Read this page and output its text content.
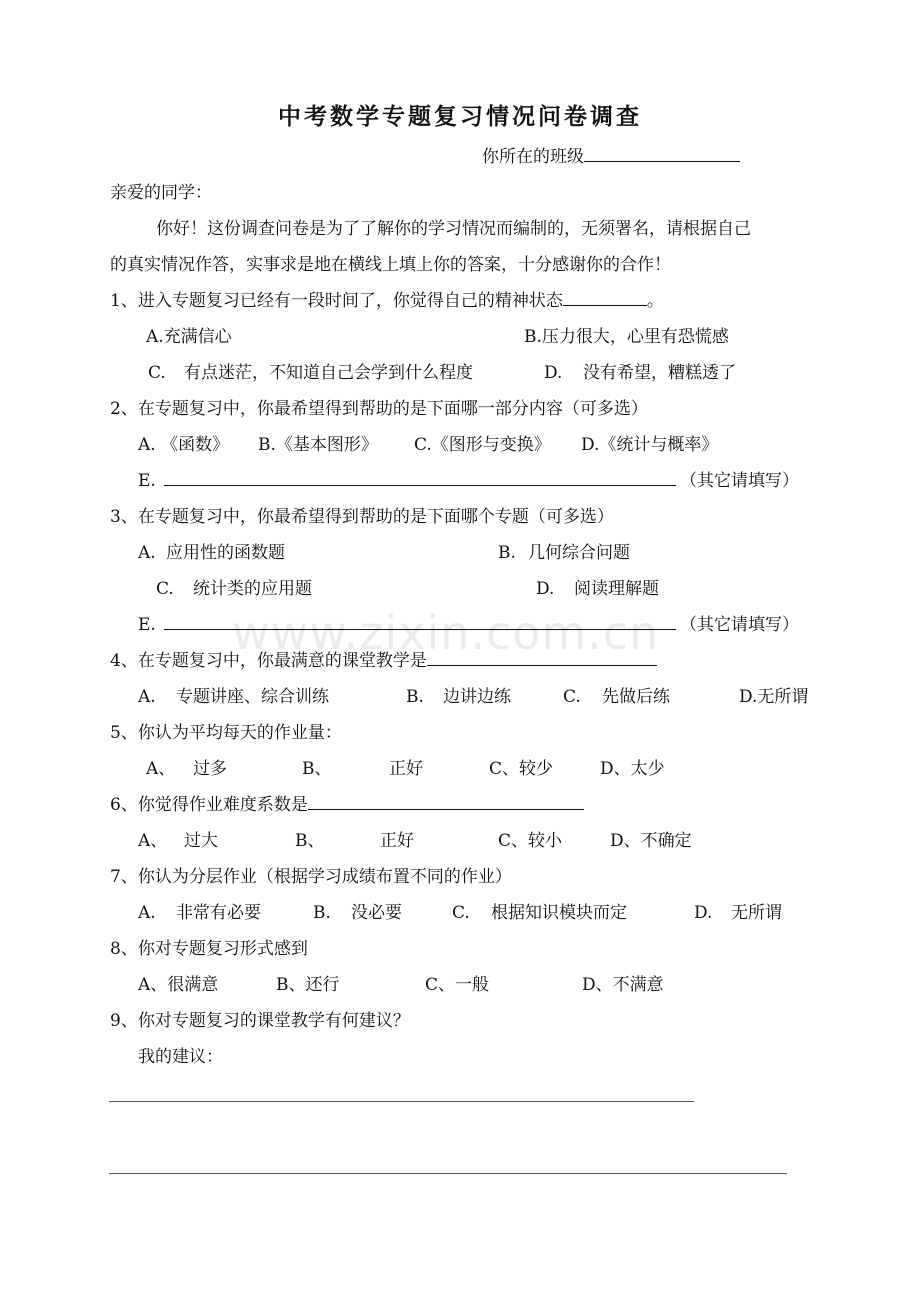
中考数学专题复习情况问卷调查
你所在的班级
亲爱的同学：
你好！这份调查问卷是为了了解你的学习情况而编制的，无须署名，请根据自己
的真实情况作答，实事求是地在横线上填上你的答案，十分感谢你的合作！
1、进入专题复习已经有一段时间了，你觉得自己的精神状态	。
A.充满信心	B.压力很大，心里有恐慌感
C. 有点迷茫，不知道自己会学到什么程度	D. 没有希望，糟糕透了
2、在专题复习中，你最希望得到帮助的是下面哪一部分内容（可多选）
A. 《函数》 B.《基本图形》 C.《图形与变换》 D.《统计与概率》
E.	（其它请填写）
3、在专题复习中，你最希望得到帮助的是下面哪个专题（可多选）
A. 应用性的函数题	B. 几何综合问题
C. 统计类的应用题	D. 阅读理解题
E.	（其它请填写）
4、在专题复习中，你最满意的课堂教学是
A. 专题讲座、综合训练	B. 边讲边练	C. 先做后练	D.无所谓
5、你认为平均每天的作业量：
A、 过多	B、	正好	C、较少	D、太少
6、你觉得作业难度系数是
A、 过大	B、	正好	C、较小	D、不确定
7、你认为分层作业（根据学习成绩布置不同的作业）
A. 非常有必要	B. 没必要	C. 根据知识模块而定	D. 无所谓
8、你对专题复习形式感到
A、很满意	B、还行	C、一般	D、不满意
9、你对专题复习的课堂教学有何建议？
我的建议：
www.zixin.com.cn
